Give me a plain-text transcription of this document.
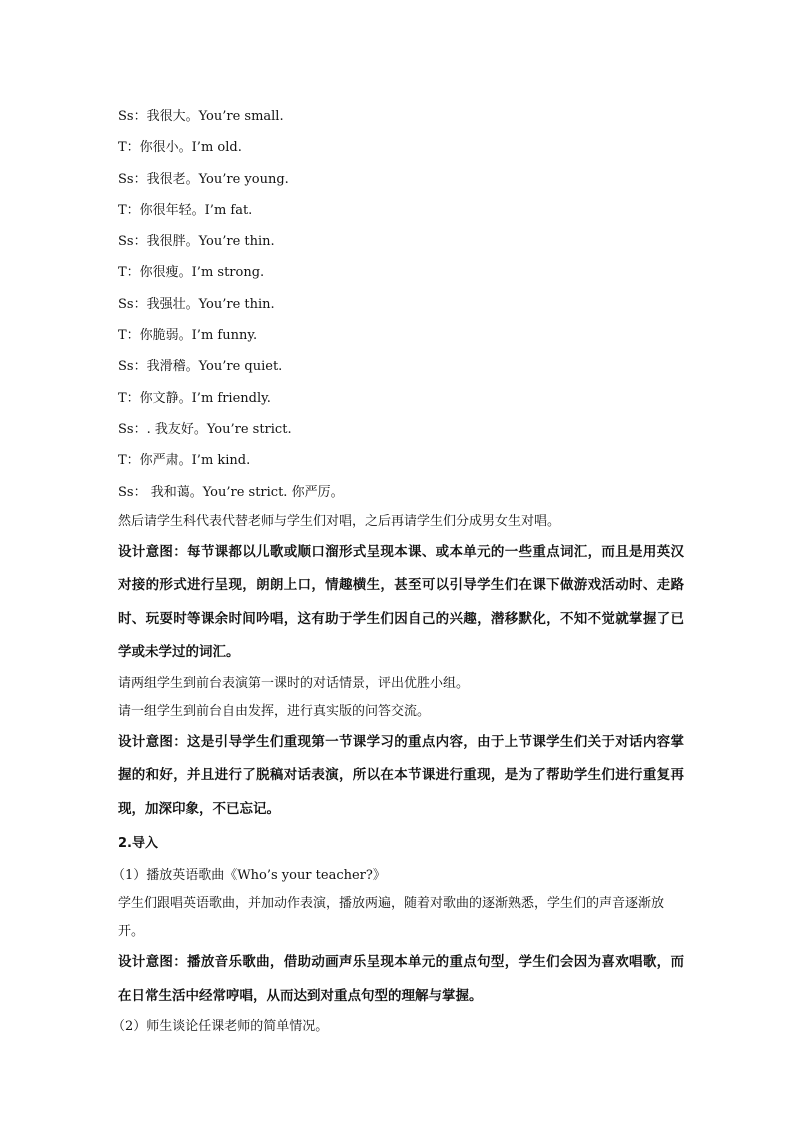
Ss：我很大。You’re small.
T：你很小。I’m old.
Ss：我很老。You’re young.
T：你很年轻。I’m fat.
Ss：我很胖。You’re thin.
T：你很瘦。I’m strong.
Ss：我强壮。You’re thin.
T：你脆弱。I’m funny.
Ss：我滑稽。You’re quiet.
T：你文静。I’m friendly.
Ss：. 我友好。You’re strict.
T：你严肃。I’m kind.
Ss： 我和蔼。You’re strict. 你严厉。

然后请学生科代表代替老师与学生们对唱，之后再请学生们分成男女生对唱。

设计意图：每节课都以儿歌或顺口溜形式呈现本课、或本单元的一些重点词汇，而且是用英汉对接的形式进行呈现，朗朗上口，情趣横生，甚至可以引导学生们在课下做游戏活动时、走路时、玩耍时等课余时间吟唱，这有助于学生们因自己的兴趣，潜移默化，不知不觉就掌握了已学或未学过的词汇。

请两组学生到前台表演第一课时的对话情景，评出优胜小组。

请一组学生到前台自由发挥，进行真实版的问答交流。

设计意图：这是引导学生们重现第一节课学习的重点内容，由于上节课学生们关于对话内容掌握的和好，并且进行了脱稿对话表演，所以在本节课进行重现，是为了帮助学生们进行重复再现，加深印象，不已忘记。

2.导入

（1）播放英语歌曲《Who’s your teacher?》

学生们跟唱英语歌曲，并加动作表演，播放两遍，随着对歌曲的逐渐熟悉，学生们的声音逐渐放开。

设计意图：播放音乐歌曲，借助动画声乐呈现本单元的重点句型，学生们会因为喜欢唱歌，而在日常生活中经常哼唱，从而达到对重点句型的理解与掌握。

（2）师生谈论任课老师的简单情况。
